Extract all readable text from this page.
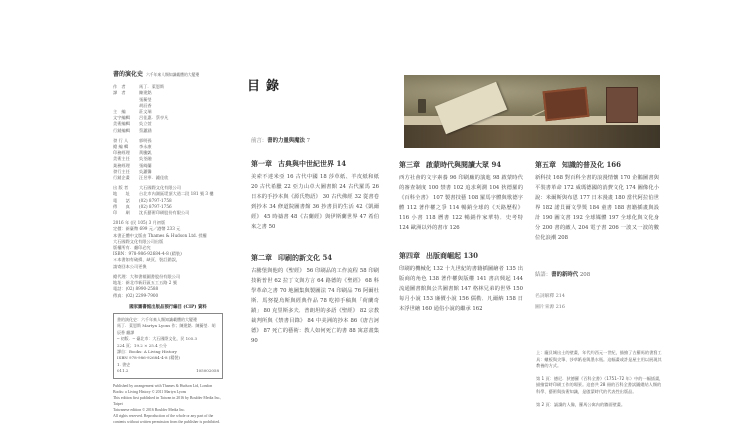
書的演化史 六千年來人類知識載體的大變遷
作　者	馬丁．萊恩斯
譯　者	陳建銘
張蘅瑩
胡辰香
主　編	莊文瑞
文字編輯	呂佳惠．蔡亭凡
美術編輯	吳立萱
行銷編輯	蔡蕙涵
發 行 人	郭明孫
總 編 輯	李永康
印務經理	黃騰凱
美術主任	吳荃融
業務經理	張綺蘭
發行主任	吳蕙馨
行銷企畫	汪昱寧．鍾佳欣
出 版 者	大石國際文化有限公司
地　　址	台北市內湖區堤頂大道二段 181 號 3 樓
電　　話	(02) 8797-1758
傳　　真	(02) 8797-1756
印　　刷	沈氏藝術印刷股份有限公司
2016 年 (民 105) 3 月初版
定價：新臺幣 699 元／港幣 233 元
本書正體中文版由 Thames & Hudson Ltd. 授權
大石國際文化有限公司出版
版權所有．翻印必究
ISBN：978-986-92684-4-8 (精裝)
＊本書如有破損、缺頁、裝訂錯誤，
請寄回本公司更換
總代理：大和書報圖書股份有限公司
地址：新北市新莊區五工五路 2 號
電話：(02) 8990-2588
傳真：(02) 2299-7900
國家圖書館出版品預行編目 (CIP) 資料
書的演化史：六千年來人類知識載體的大變遷
馬丁．萊恩斯 Martyn Lyons 作；陳建銘．陳蘅瑩．胡辰香 翻譯
─ 初版．─ 臺北市：大石國際文化，民 105.3
224 頁；19.2 × 25.4 公分
譯自：Books: A Living History
ISBN 978-986-92684-4-8 (精裝)
1. 書史
011.2	105002058
Published by arrangement with Thames & Hudson Ltd, London
Books: a Living History © 2011 Martyn Lyons
This edition first published in Taiwan in 2016 by Boulder Media Inc., Taipei
Taiwanese edition © 2016 Boulder Media Inc.
All rights reserved. Reproduction of the whole or any part of the contents without written permission from the publisher is prohibited.
目錄
前言：書的力量與魔法 7
第一章 古典與中世紀世界 14
美索不達米亞 16 古代中國 18 莎草紙、羊皮紙和紙 20 古代希臘 22 亞力山卓大圖書館 24 古代羅馬 26 日本的手抄本與《源氏物語》 30 古代佛經 32 從書卷到抄本 34 修道院圖書館 36 抄書員的生活 42《凱爾經》 45 時禱書 48《古蘭經》與伊斯蘭世界 47 希伯來之書 50
第二章 印刷的新文化 54
古騰堡與他的《聖經》 56 印刷品的工作流程 58 印刷技術普世 62 拉丁文與方言 64 路德的《聖經》 68 科學革命之書 70 地圖集與製圖法 74 印刷品 76 阿爾杜斯．馬努提烏斯與經典作品 78 吃掉手稿與「荷蘭奇蹟」 80 克里斯多夫．普朗坦的多語《聖經》 82 宗教裁判所與《禁書目錄》 84 中美洲的抄本 86《唐吉訶德》 87 死亡的藝術：教人如何死亡的書 88 寓意畫集 90
第三章 啟蒙時代與閱讀大眾 94
西方社會的文字素養 96 印刷廠的演進 98 啟蒙時代的審查制度 100 禁書 102 追求利潤 104 狄德羅的《百科全書》 107 製書技藝 108 羅馬字體與歌德字體 112 著作權之爭 114 暢銷全球的《天路歷程》 116 小書 118 曆書 122 暢銷作家華特．史考特 124 歐洲以外的書市 126
第四章 出版商崛起 130
印刷的機械化 132 十九世紀的書籍插圖繪者 135 出版商的角色 138 著作權與版權 141 書店興起 144 流通圖書館與公共圖書館 147 格林兄弟的世界 150 每月小說 153 廉價小說 156 儒勒．凡爾納 158 日本浮世繪 160 通俗小說的繼承 162
第五章 知識的普及化 166
新科技 168 對百科全書的浪漫情懷 170 企鵝圖書與平裝書革命 172 威瑪德國的消費文化 174 圖像化小說：米爾斯與布恩 177 日本漫畫 180 當代阿拉伯世界 182 諾貝爾文學獎 184 童書 188 書籍插畫與設計 190 圖文書 192 全球媒體 197 全球化與文化身分 200 書的敵人 204 電子書 206 一波又一波的數位化浪潮 208
結語：書的新時代 208
名詞解釋 214
圖片來源 216

上：龐貝城出土的壁畫，年代約西元一世紀，描繪了古羅馬的書寫工具：蠟板與尖筆、莎草紙卷與墨水瓶。這幅畫或許是屋主用以展現其教養的方式。

第 1 頁：德尼．狄德羅《百科全書》（1751–72 年）中的一幅插畫，描繪當時印刷工作的場景。這套共 28 冊的百科全書試圖總結人類的科學、藝術與技術知識，是啟蒙時代的代表性出版品。

第 2 頁：誦讀的人像，羅馬公寓內的牆面壁畫。
